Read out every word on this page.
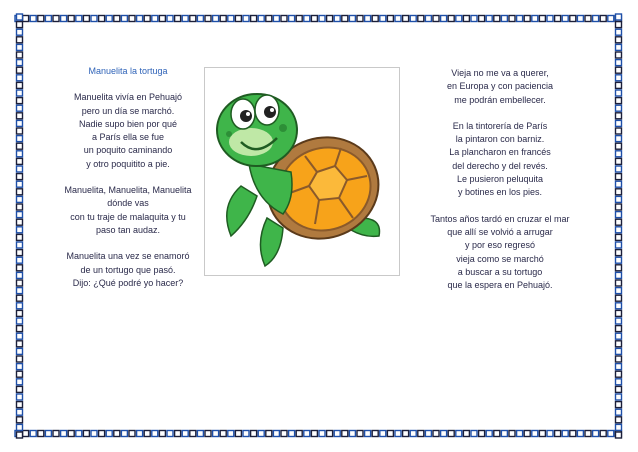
Manuelita la tortuga
Manuelita vivía en Pehuajó
pero un día se marchó.
Nadie supo bien por qué
a París ella se fue
un poquito caminando
y otro poquitito a pie.
Manuelita, Manuelita, Manuelita
dónde vas
con tu traje de malaquita y tu
paso tan audaz.
Manuelita una vez se enamoró
de un tortugo que pasó.
Dijo: ¿Qué podré yo hacer?
Vieja no me va a querer,
en Europa y con paciencia
me podrán embellecer.
En la tintorería de París
la pintaron con barniz.
La plancharon en francés
del derecho y del revés.
Le pusieron peluquita
y botines en los pies.
Tantos años tardó en cruzar el mar
que allí se volvió a arrugar
y por eso regresó
vieja como se marchó
a buscar a su tortugo
que la espera en Pehuajó.
